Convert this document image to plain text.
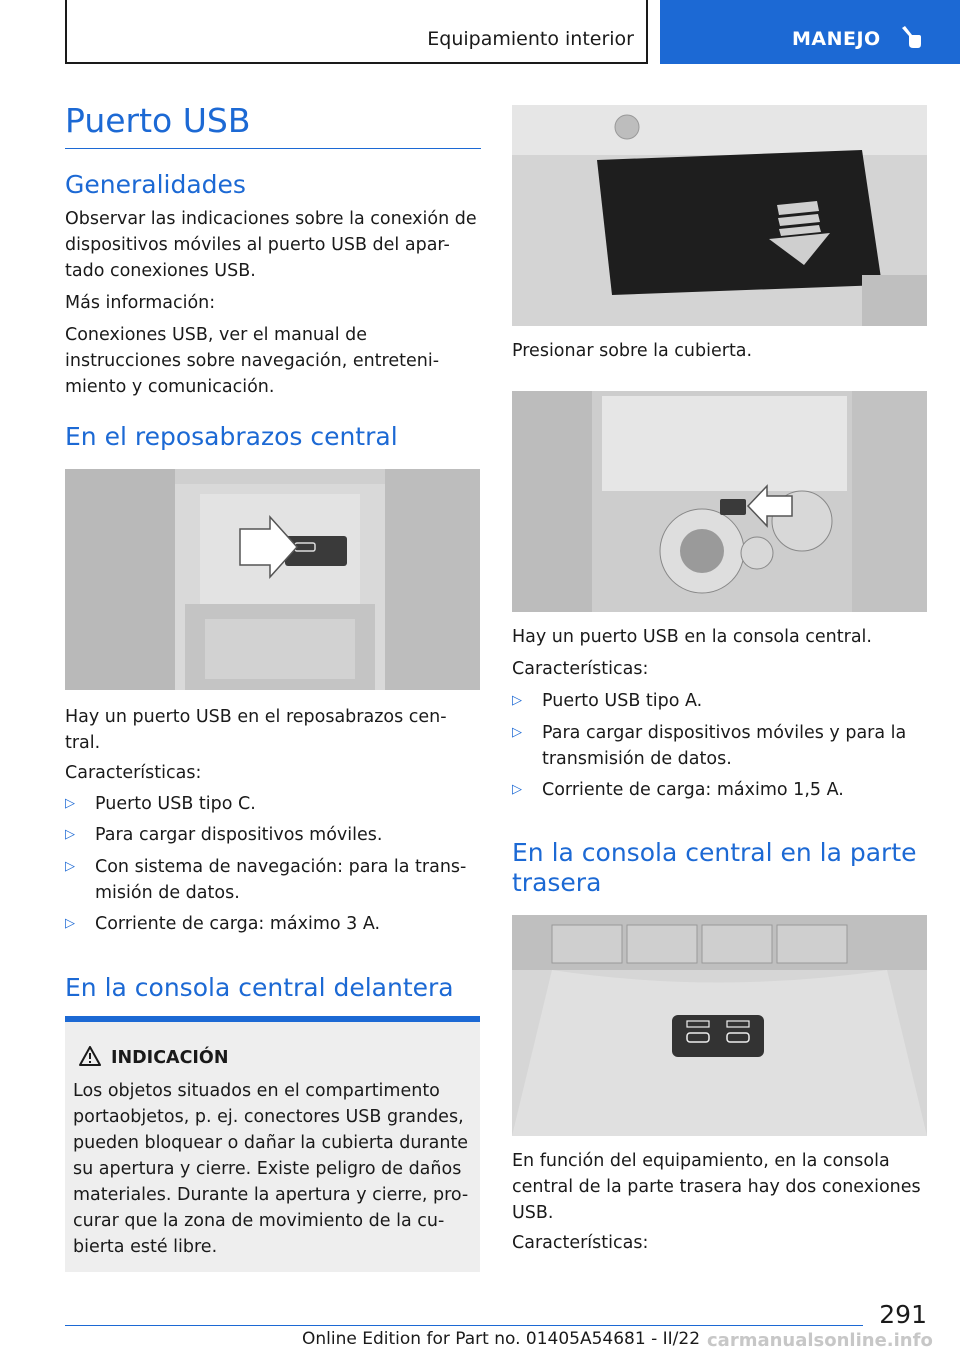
Equipamiento interior	MANEJO
Puerto USB
Generalidades
Observar las indicaciones sobre la conexión de
dispositivos móviles al puerto USB del apar-
tado conexiones USB.
Más información:
Conexiones USB, ver el manual de
instrucciones sobre navegación, entreteni-
miento y comunicación.
En el reposabrazos central
Hay un puerto USB en el reposabrazos cen-
tral.
Características:
▷ Puerto USB tipo C.
▷ Para cargar dispositivos móviles.
▷ Con sistema de navegación: para la trans-
misión de datos.
▷ Corriente de carga: máximo 3 A.
En la consola central delantera
INDICACIÓN
Los objetos situados en el compartimento
portaobjetos, p. ej. conectores USB grandes,
pueden bloquear o dañar la cubierta durante
su apertura y cierre. Existe peligro de daños
materiales. Durante la apertura y cierre, pro-
curar que la zona de movimiento de la cu-
bierta esté libre.
Presionar sobre la cubierta.
Hay un puerto USB en la consola central.
Características:
▷ Puerto USB tipo A.
▷ Para cargar dispositivos móviles y para la
transmisión de datos.
▷ Corriente de carga: máximo 1,5 A.
En la consola central en la parte
trasera
En función del equipamiento, en la consola
central de la parte trasera hay dos conexiones
USB.
Características:
291
Online Edition for Part no. 01405A54681 - II/22 carmanualsonline.info
